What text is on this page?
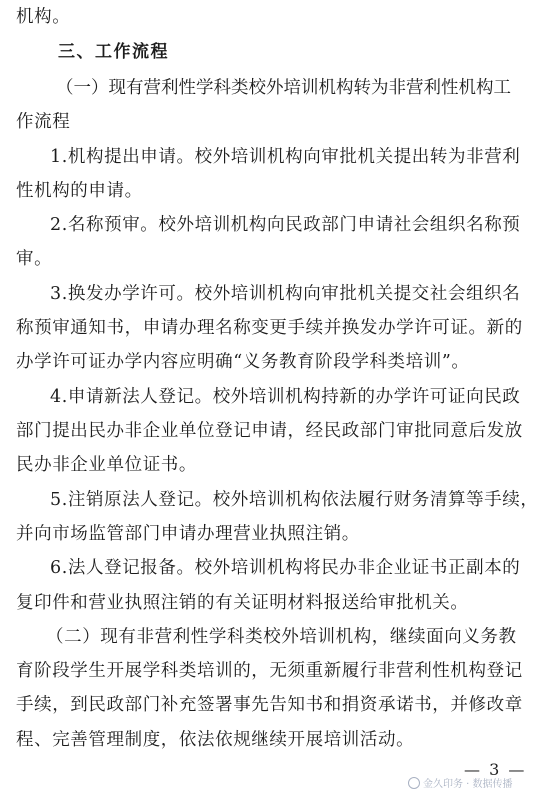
机构。
三、工作流程
（一）现有营利性学科类校外培训机构转为非营利性机构工
作流程
1.机构提出申请。校外培训机构向审批机关提出转为非营利
性机构的申请。
2.名称预审。校外培训机构向民政部门申请社会组织名称预
审。
3.换发办学许可。校外培训机构向审批机关提交社会组织名
称预审通知书，申请办理名称变更手续并换发办学许可证。新的
办学许可证办学内容应明确“义务教育阶段学科类培训”。
4.申请新法人登记。校外培训机构持新的办学许可证向民政
部门提出民办非企业单位登记申请，经民政部门审批同意后发放
民办非企业单位证书。
5.注销原法人登记。校外培训机构依法履行财务清算等手续，
并向市场监管部门申请办理营业执照注销。
6.法人登记报备。校外培训机构将民办非企业证书正副本的
复印件和营业执照注销的有关证明材料报送给审批机关。
（二）现有非营利性学科类校外培训机构，继续面向义务教
育阶段学生开展学科类培训的，无须重新履行非营利性机构登记
手续，到民政部门补充签署事先告知书和捐资承诺书，并修改章
程、完善管理制度，依法依规继续开展培训活动。
— 3 —
金久印务 · 数据传播
